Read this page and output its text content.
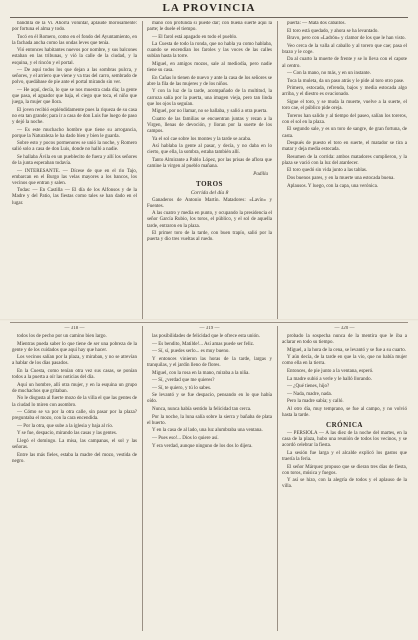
LA PROVINCIA

bandilla de la Vi. Ahorra voluntar, aplaude morosamente: por fortuna el alma y todo.

Tocó en él Romero, como en el fondo del Ayuntamiento, en la fachada ancha como las ondas leves que tenía.

Vió entonces habitantes nuevos por nombre, y sus balcones estaban en las tribunas, y vió la calle de la ciudad, y la esquina, y el rincón y el portal.

— De aquí todos los que dejan a las sombras pulcra, y señores, y el arriero que viene y va tras del carro, sembrado de polvo, quedábase de pie ante el portal mirando sin ver.

— He aquí, decía, lo que se nos muestra cada día; la gente que pasa, el aguador que baja, el ciego que toca, el niño que juega, la mujer que llora.

El joven recibió espléndidamente pues la riqueza de su casa no era tan grande; para ir a casa de don Luis fue luego de paso y dejó la noche.

— Es este muchacho hombre que tiene su arrogancia, porque la Naturaleza le ha dado bien y bien le guarda.

Sobre esto y pocos pormenores se unió la noche, y Romero salió solo a casa de don Luis, donde no halló a nadie.

Se hallaba Ávila en un pueblecito de fuera y allí los señores de la junta esperaban todavía.

— INTERESANTE. — Dícese de que en el rio Tajo, embarcan en el Burgo las velas mayores a los bancos, los vecinos que entran y salen.

Todas: — En Castilla — El día de los Alfonsos y de la Madre y del Patio, las fiestas como tales se han dado en el lugar.

mano con profunda si puede dar; con buena suerte aquí la parte; le duele el tiempo.

— El farol está apagado en todo el pueblo.

La Cuesta de todo la ronda, que no habla ya como hablaba, cuando se encendían los faroles y las voces de las calles subían hasta la torre.

Miguel, en amigos mozos, sale al mediodía, pero nadie tiene su casa.

En Cañas lo tienen de nuevo y ante la casa de los señores se abre la fila de las mujeres y de los niños.

Y con la luz de la tarde, acompañado de la multitud, la carroza salía por la puerta, una imagen vieja, pero tan linda que los ojos la seguían.

Miguel, por no llamar, no se hallaba, y salió a otra puerta.

Cuatro de las familias se encuentran juntas y rezan a la Virgen, llenas de devoción, y lloran por la suerte de los campos.

Ya el sol cae sobre los montes y la tarde se acaba.

Así hablaba la gente al pasar, y decía, y no daba en lo cierto, que ella, la sombra, estaba también allí.

Tanto Almirante a Pablo López, por las prisas de aflora que camine la virgen al pueblo mañana.

Padilla
TOROS
Corrida del día 8

Ganaderos de Antonio Martín. Matadores: «Lavín» y Fuentes.

A las cuatro y media en punto, y ocupando la presidencia el señor García Rubio, los toros, el público, y el sol de aquella tarde, entraron en la plaza.

El primer toro de la tarde, con buen trapío, salió por la puerta y dio tres vueltas al ruedo.

puerta: — Mata dos caballos.

El toro está quedado, y ahora se ha levantado.

Bravo, pero con «Ladrón» y clamor de los que le han visto.

Veo cerca de la valla al caballo y al torero que cae; pasa el brazo y le coge.

Da al cuarto la muerte de frente y se lo lleva con el capote al centro.

— Con la mano, no más, y en un instante.

Toca la muleta, da un paso atrás y le pide al toro otro pase.

Primero, estocada, refrenda, bajos y media estocada algo arriba, y el diestro es ovacionado.

Sigue el toro, y se muda la muerte, vuelve a la suerte, el toro cae, el público pide oreja.

Toreros han salido y al tiempo del paseo, salían los toreros, con el sol en la plaza.

El segundo sale, y es un toro de sangre, de gran fortuna, de casta.

Después de puesto el toro en suerte, el matador se tira a matar y deja media estocada.

Resumen de la corrida: ambos matadores cumplieron, y la plaza se vació con la luz del atardecer.

El toro quedó sin vida junto a las tablas.

Dos buenos pares, y en la muerte una estocada buena.

Aplausos. Y luego, con la capa, una verónica.

— 318 —

todos los de pecho por un camino bien largo.

Mientras pueda saber lo que tiene de ser una pobreza de la gente y de los cuidados que aquí hay que hacer.

Los vecinos salían por la plaza, y miraban, y no se atrevían a hablar de los días pasados.

En la Cuesta, como tenían otra vez sus casas, se ponían todos a la puerta a oír las noticias del día.

Aquí un hombre, allí otra mujer, y en la esquina un grupo de muchachos que gritaban.

No le disgusta al fuerte mozo de la villa el que las gentes de la ciudad lo miren con asombro.

— Cómo se va por la otra calle, sin pasar por la plaza? preguntaba el mozo, con la cara encendida.

— Por la otra, que sube a la iglesia y baja al río.

Y se fue, despacio, mirando las casas y las gentes.

Llegó el domingo. La misa, las campanas, el sol y las señoras.

Entre las más fieles, estaba la madre del mozo, vestida de negro.

— 319 —

las posibilidades de felicidad que le ofrece esta unión.

— Es bendito, Matilde!... Así amas puede ser feliz.

— Sí, sí, puedes serlo... es muy bueno.

Y entonces vinieron las horas de la tarde, largas y tranquilas, y el jardín lleno de flores.

Miguel, con la rosa en la mano, miraba a la niña.

— Sí, ¿verdad que me quieres?

— Sí, te quiero, y tú lo sabes.

Se levantó y se fue despacio, pensando en lo que había oído.

Nunca, nunca había sentido la felicidad tan cerca.

Por la noche, la luna salía sobre la sierra y bañaba de plata el huerto.

Y en la casa de al lado, una luz alumbraba una ventana.

— Pues eso!... Dios lo quiere así.

Y era verdad, aunque ninguno de los dos lo dijera.

— 320 —

probado la sospecha nunca de la mentira que le iba a aclarar en todo su tiempo.

Miguel, a la hora de la cena, se levantó y se fue a su cuarto.

Y aún decía, de la tarde en que la vio, que no había mujer como ella en la tierra.

Entonces, de pie junto a la ventana, esperó.

La madre subió a verle y le halló llorando.

— ¿Qué tienes, hijo?

— Nada, madre, nada.

Pero la madre sabía; y calló.

Al otro día, muy temprano, se fue al campo, y no volvió hasta la tarde.

CRÓNICA

— PERSIOLA — A las diez de la noche del martes, en la casa de la plaza, hubo una reunión de todos los vecinos, y se acordó celebrar la fiesta.

La sesión fue larga y el alcalde explicó los gastos que traería la feria.

El señor Márquez propuso que se dieran tres días de fiesta, con toros, música y fuegos.

Y así se hizo, con la alegría de todos y el aplauso de la villa.
